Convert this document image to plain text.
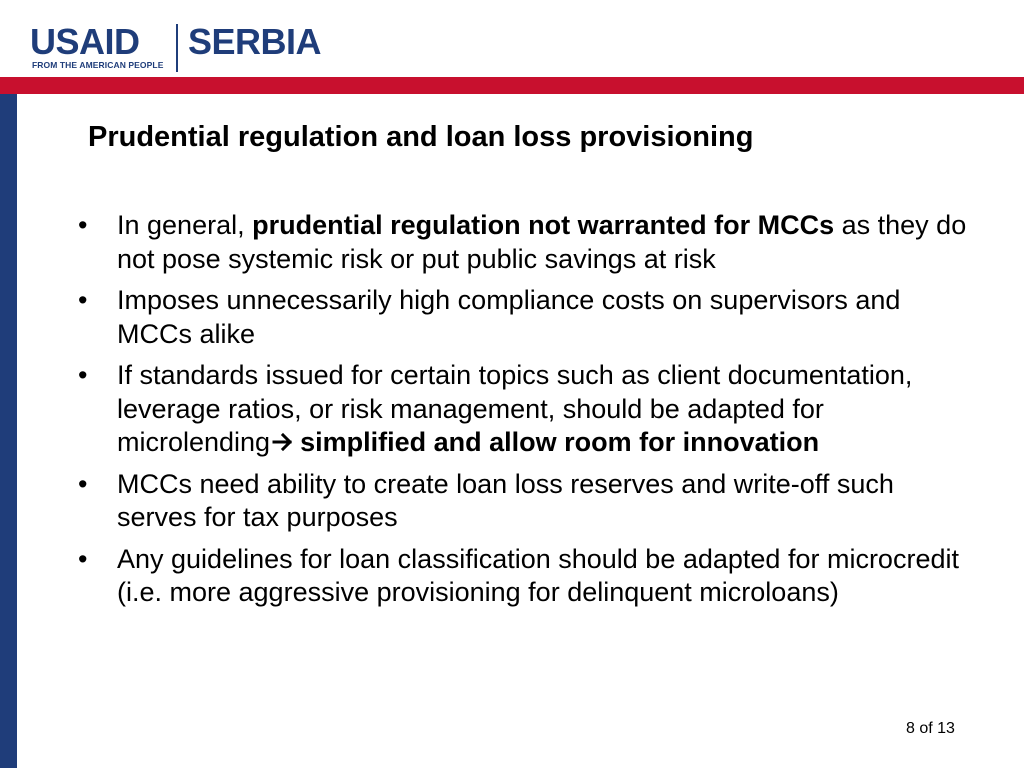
USAID SERBIA
FROM THE AMERICAN PEOPLE
Prudential regulation and loan loss provisioning
• In general, prudential regulation not warranted for MCCs as they do not pose systemic risk or put public savings at risk
• Imposes unnecessarily high compliance costs on supervisors and MCCs alike
• If standards issued for certain topics such as client documentation, leverage ratios, or risk management, should be adapted for microlending simplified and allow room for innovation
• MCCs need ability to create loan loss reserves and write-off such serves for tax purposes
• Any guidelines for loan classification should be adapted for microcredit (i.e. more aggressive provisioning for delinquent microloans)
8 of 13
